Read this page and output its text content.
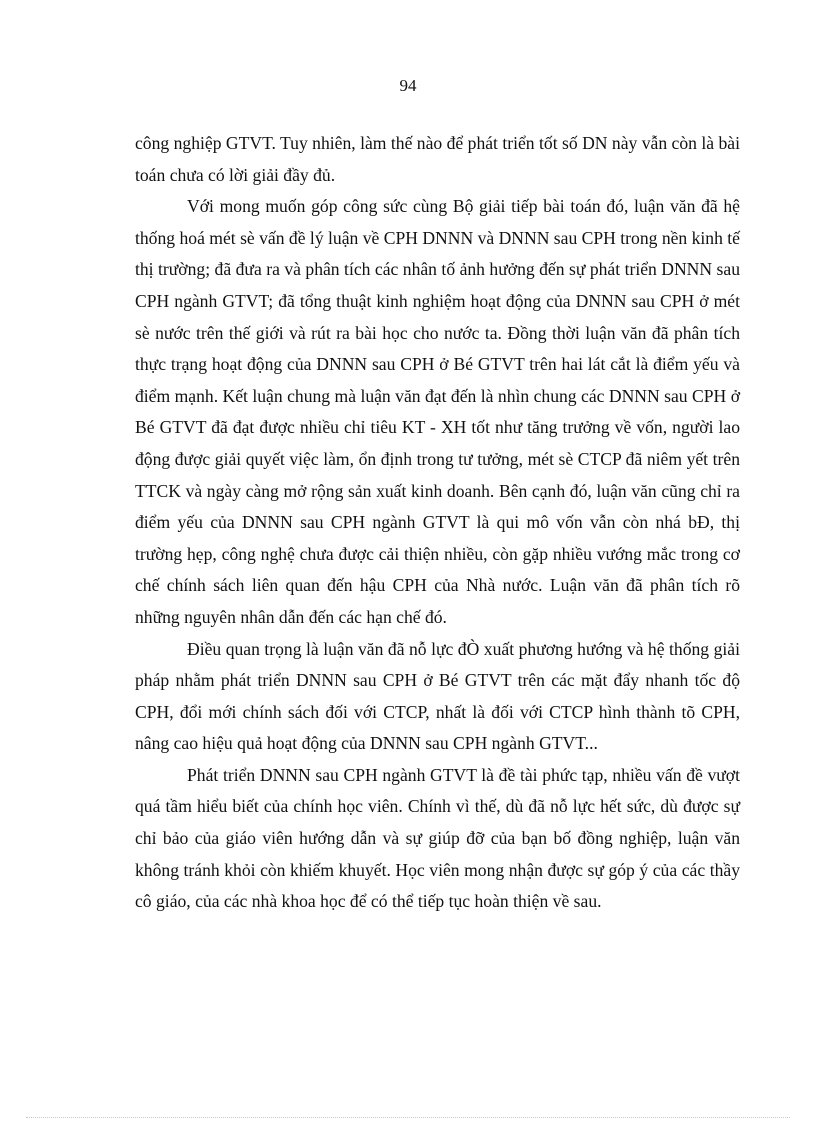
94

công nghiệp GTVT. Tuy nhiên, làm thế nào để phát triển tốt số DN này vẫn còn là bài toán chưa có lời giải đầy đủ.

Với mong muốn góp công sức cùng Bộ giải tiếp bài toán đó, luận văn đã hệ thống hoá mét sè vấn đề lý luận về CPH DNNN và DNNN sau CPH trong nền kinh tế thị trường; đã đưa ra và phân tích các nhân tố ảnh hưởng đến sự phát triển DNNN sau CPH ngành GTVT; đã tổng thuật kinh nghiệm hoạt động của DNNN sau CPH ở mét sè nước trên thế giới và rút ra bài học cho nước ta. Đồng thời luận văn đã phân tích thực trạng hoạt động của DNNN sau CPH ở Bé GTVT trên hai lát cắt là điểm yếu và điểm mạnh. Kết luận chung mà luận văn đạt đến là nhìn chung các DNNN sau CPH ở Bé GTVT đã đạt được nhiều chỉ tiêu KT - XH tốt như tăng trưởng về vốn, người lao động được giải quyết việc làm, ổn định trong tư tưởng, mét sè CTCP đã niêm yết trên TTCK và ngày càng mở rộng sản xuất kinh doanh. Bên cạnh đó, luận văn cũng chỉ ra điểm yếu của DNNN sau CPH ngành GTVT là qui mô vốn vẫn còn nhá bÐ, thị trường hẹp, công nghệ chưa được cải thiện nhiều, còn gặp nhiều vướng mắc trong cơ chế chính sách liên quan đến hậu CPH của Nhà nước. Luận văn đã phân tích rõ những nguyên nhân dẫn đến các hạn chế đó.

Điều quan trọng là luận văn đã nỗ lực đÒ xuất phương hướng và hệ thống giải pháp nhằm phát triển DNNN sau CPH ở Bé GTVT trên các mặt đẩy nhanh tốc độ CPH, đổi mới chính sách đối với CTCP, nhất là đối với CTCP hình thành tõ CPH, nâng cao hiệu quả hoạt động của DNNN sau CPH ngành GTVT...

Phát triển DNNN sau CPH ngành GTVT là đề tài phức tạp, nhiều vấn đề vượt quá tầm hiểu biết của chính học viên. Chính vì thế, dù đã nỗ lực hết sức, dù được sự chỉ bảo của giáo viên hướng dẫn và sự giúp đỡ của bạn bố đồng nghiệp, luận văn không tránh khỏi còn khiếm khuyết. Học viên mong nhận được sự góp ý của các thầy cô giáo, của các nhà khoa học để có thể tiếp tục hoàn thiện về sau.
